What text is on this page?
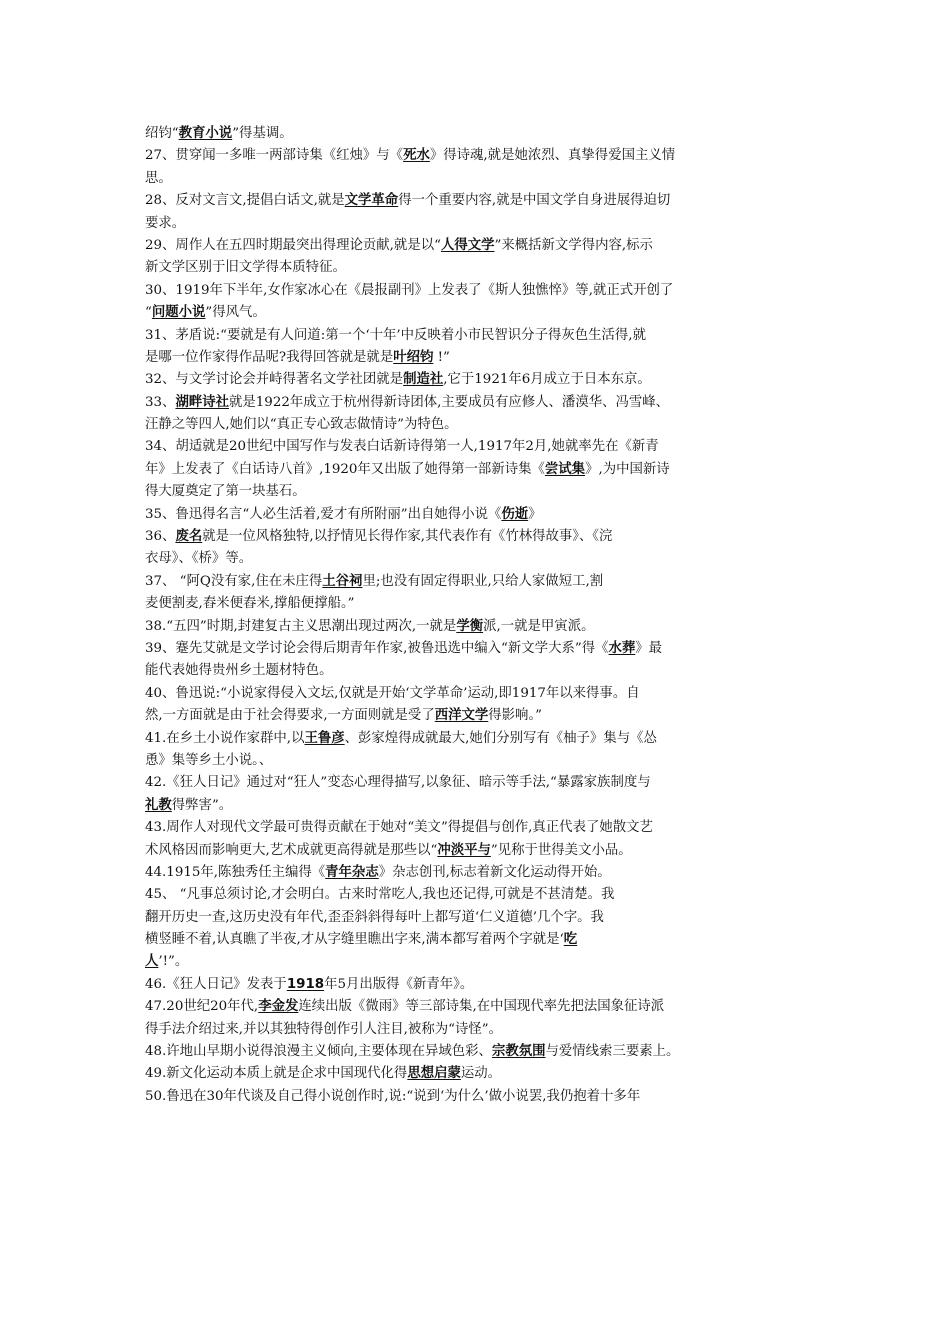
绍钧“教育小说”得基调。
27、贯穿闻一多唯一两部诗集《红烛》与《死水》得诗魂,就是她浓烈、真挚得爱国主义情
思。
28、反对文言文,提倡白话文,就是文学革命得一个重要内容,就是中国文学自身进展得迫切
要求。
29、周作人在五四时期最突出得理论贡献,就是以“人得文学”来概括新文学得内容,标示
新文学区别于旧文学得本质特征。
30、1919年下半年,女作家冰心在《晨报副刊》上发表了《斯人独憔悴》等,就正式开创了
“问题小说”得风气。
31、茅盾说:“要就是有人问道:第一个‘十年’中反映着小市民智识分子得灰色生活得,就
是哪一位作家得作品呢?我得回答就是就是叶绍钧 !”
32、与文学讨论会并峙得著名文学社团就是制造社,它于1921年6月成立于日本东京。
33、湖畔诗社就是1922年成立于杭州得新诗团体,主要成员有应修人、潘漠华、冯雪峰、
汪静之等四人,她们以“真正专心致志做情诗”为特色。
34、胡适就是20世纪中国写作与发表白话新诗得第一人,1917年2月,她就率先在《新青
年》上发表了《白话诗八首》,1920年又出版了她得第一部新诗集《尝试集》,为中国新诗
得大厦奠定了第一块基石。
35、鲁迅得名言“人必生活着,爱才有所附丽”出自她得小说《伤逝》
36、废名就是一位风格独特,以抒情见长得作家,其代表作有《竹林得故事》、《浣
衣母》、《桥》等。
37、 “阿Q没有家,住在未庄得土谷祠里;也没有固定得职业,只给人家做短工,割
麦便割麦,舂米便舂米,撑船便撑船。”
38.“五四”时期,封建复古主义思潮出现过两次,一就是学衡派,一就是甲寅派。
39、蹇先艾就是文学讨论会得后期青年作家,被鲁迅选中编入“新文学大系”得《水葬》最
能代表她得贵州乡土题材特色。
40、鲁迅说:“小说家得侵入文坛,仅就是开始‘文学革命’运动,即1917年以来得事。自
然,一方面就是由于社会得要求,一方面则就是受了西洋文学得影响。”
41.在乡土小说作家群中,以王鲁彦、彭家煌得成就最大,她们分别写有《柚子》集与《怂
恿》集等乡土小说。、
42.《狂人日记》通过对“狂人”变态心理得描写,以象征、暗示等手法,“暴露家族制度与
礼教得弊害”。
43.周作人对现代文学最可贵得贡献在于她对“美文”得提倡与创作,真正代表了她散文艺
术风格因而影响更大,艺术成就更高得就是那些以“冲淡平与”见称于世得美文小品。
44.1915年,陈独秀任主编得《青年杂志》杂志创刊,标志着新文化运动得开始。
45、 “凡事总须讨论,才会明白。古来时常吃人,我也还记得,可就是不甚清楚。我
翻开历史一查,这历史没有年代,歪歪斜斜得每叶上都写道‘仁义道德’几个字。我
横竖睡不着,认真瞧了半夜,才从字缝里瞧出字来,满本都写着两个字就是‘吃
人’!”。
46.《狂人日记》发表于1918年5月出版得《新青年》。
47.20世纪20年代,李金发连续出版《微雨》等三部诗集,在中国现代率先把法国象征诗派
得手法介绍过来,并以其独特得创作引人注目,被称为“诗怪”。
48.许地山早期小说得浪漫主义倾向,主要体现在异域色彩、宗教氛围与爱情线索三要素上。
49.新文化运动本质上就是企求中国现代化得思想启蒙运动。
50.鲁迅在30年代谈及自己得小说创作时,说:“说到‘为什么’做小说罢,我仍抱着十多年
